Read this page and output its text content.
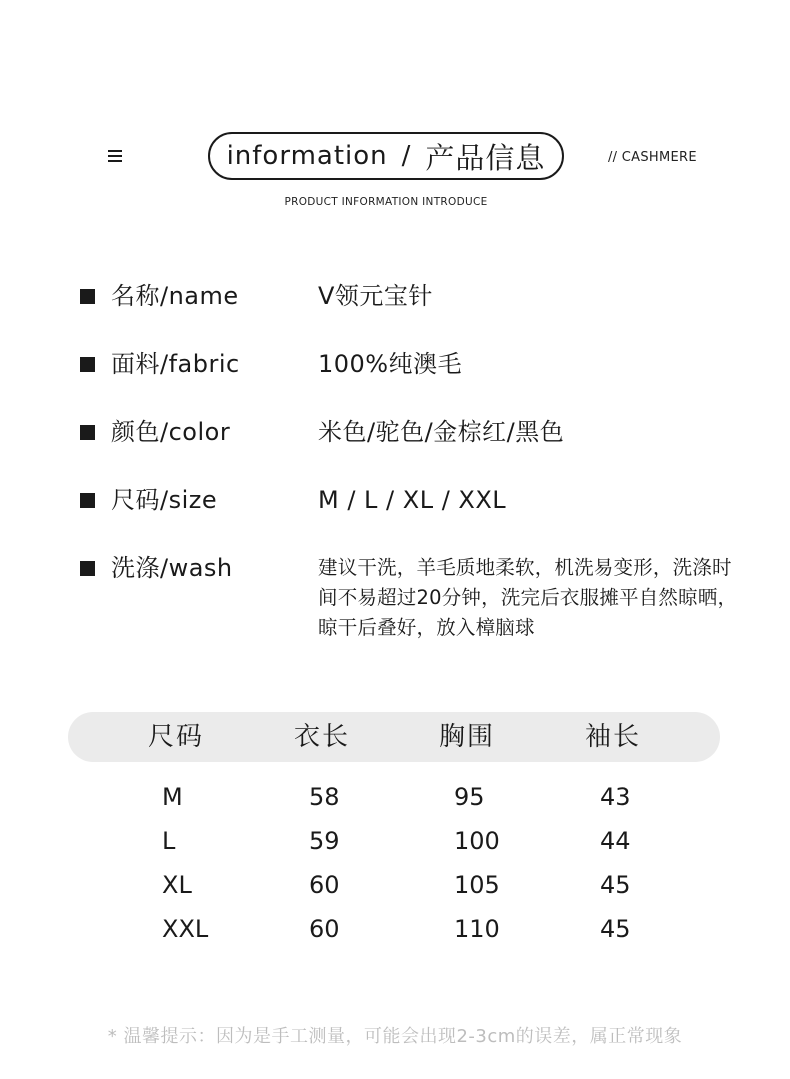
information / 产品信息	// CASHMERE
PRODUCT INFORMATION INTRODUCE
名称/name	V领元宝针
面料/fabric	100%纯澳毛
颜色/color	米色/驼色/金棕红/黑色
尺码/size	M / L / XL / XXL
洗涤/wash	建议干洗，羊毛质地柔软，机洗易变形，洗涤时间不易超过20分钟，洗完后衣服摊平自然晾晒，晾干后叠好，放入樟脑球
尺码	衣长	胸围	袖长
M	58	95	43
L	59	100	44
XL	60	105	45
XXL	60	110	45
* 温馨提示：因为是手工测量，可能会出现2-3cm的误差，属正常现象
